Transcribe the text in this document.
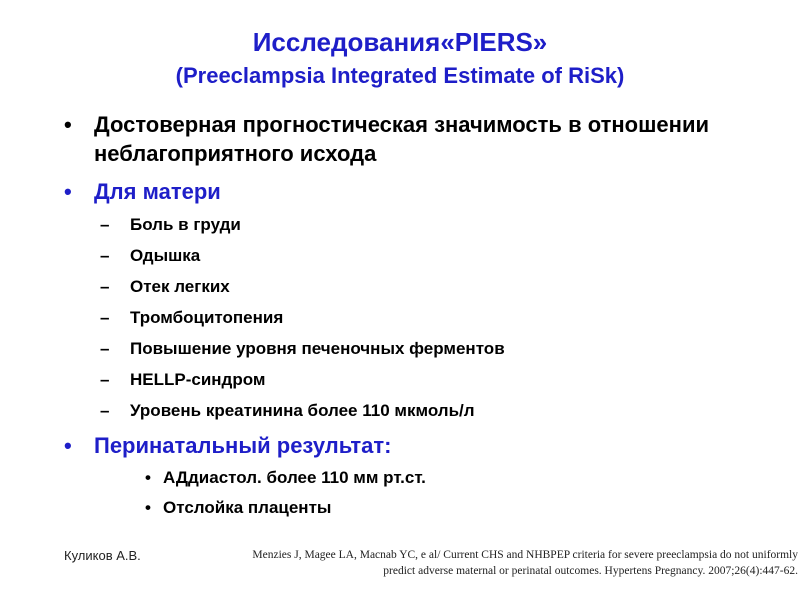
Исследования«PIERS»
(Preeclampsia Integrated Estimate of RiSk)
•	Достоверная прогностическая значимость в отношении неблагоприятного исхода
•	Для матери
– Боль в груди
– Одышка
– Отек легких
– Тромбоцитопения
– Повышение уровня печеночных ферментов
– HELLP-синдром
– Уровень креатинина более 110 мкмоль/л
•	Перинатальный результат:
• АДдиастол. более 110 мм рт.ст.
• Отслойка плаценты
Куликов А.В.	Menzies J, Magee LA, Macnab YC, e al/ Current CHS and NHBPEP criteria for severe preeclampsia do not uniformly
predict adverse maternal or perinatal outcomes. Hypertens Pregnancy. 2007;26(4):447-62.
